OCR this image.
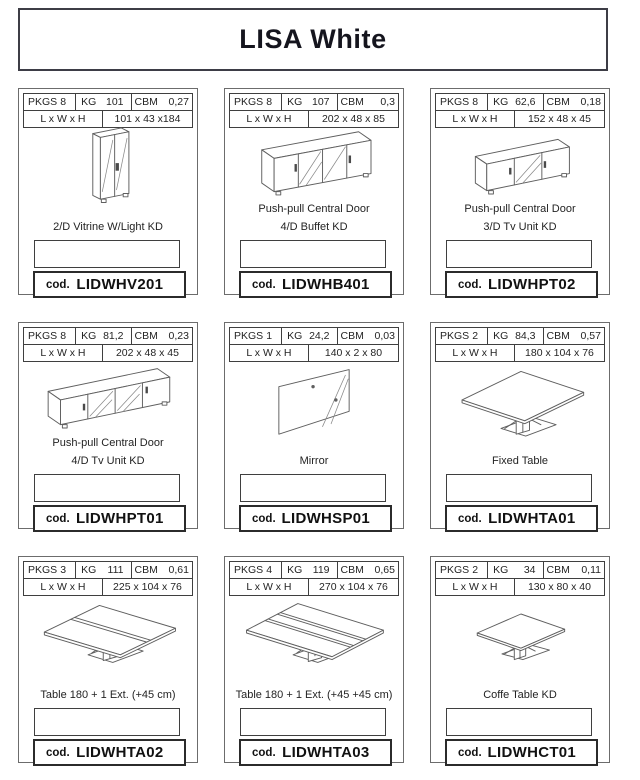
LISA White
PKGS 8 KG 101 CBM 0,27
L x W x H	101 x 43 x184
2/D Vitrine W/Light KD
cod. LIDWHV201
PKGS 8 KG 107 CBM 0,3
L x W x H	202 x 48 x 85
Push-pull Central Door
4/D Buffet KD
cod. LIDWHB401
PKGS 8 KG 62,6 CBM 0,18
L x W x H	152 x 48 x 45
Push-pull Central Door
3/D Tv Unit KD
cod. LIDWHPT02
PKGS 8 KG 81,2 CBM 0,23
L x W x H	202 x 48 x 45
Push-pull Central Door
4/D Tv Unit KD
cod. LIDWHPT01
PKGS 1 KG 24,2 CBM 0,03
L x W x H	140 x 2 x 80
Mirror
cod. LIDWHSP01
PKGS 2 KG 84,3 CBM 0,57
L x W x H	180 x 104 x 76
Fixed Table
cod. LIDWHTA01
PKGS 3 KG 111 CBM 0,61
L x W x H	225 x 104 x 76
Table 180 + 1 Ext. (+45 cm)
cod. LIDWHTA02
PKGS 4 KG 119 CBM 0,65
L x W x H	270 x 104 x 76
Table 180 + 1 Ext. (+45 +45 cm)
cod. LIDWHTA03
PKGS 2 KG 34 CBM 0,11
L x W x H	130 x 80 x 40
Coffe Table KD
cod. LIDWHCT01
